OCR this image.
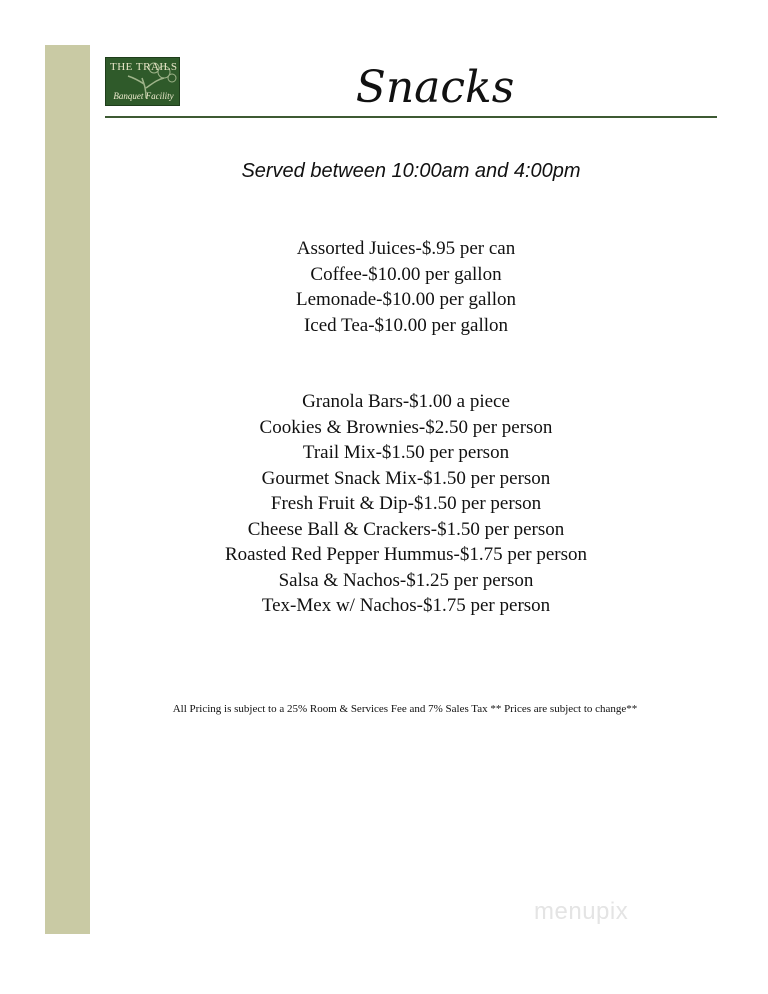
THE TRAILS
Banquet Facility	Snacks
Served between 10:00am and 4:00pm
Assorted Juices-$.95 per can
Coffee-$10.00 per gallon
Lemonade-$10.00 per gallon
Iced Tea-$10.00 per gallon
Granola Bars-$1.00 a piece
Cookies & Brownies-$2.50 per person
Trail Mix-$1.50 per person
Gourmet Snack Mix-$1.50 per person
Fresh Fruit & Dip-$1.50 per person
Cheese Ball & Crackers-$1.50 per person
Roasted Red Pepper Hummus-$1.75 per person
Salsa & Nachos-$1.25 per person
Tex-Mex w/ Nachos-$1.75 per person
All Pricing is subject to a 25% Room & Services Fee and 7% Sales Tax ** Prices are subject to change**
menupix
